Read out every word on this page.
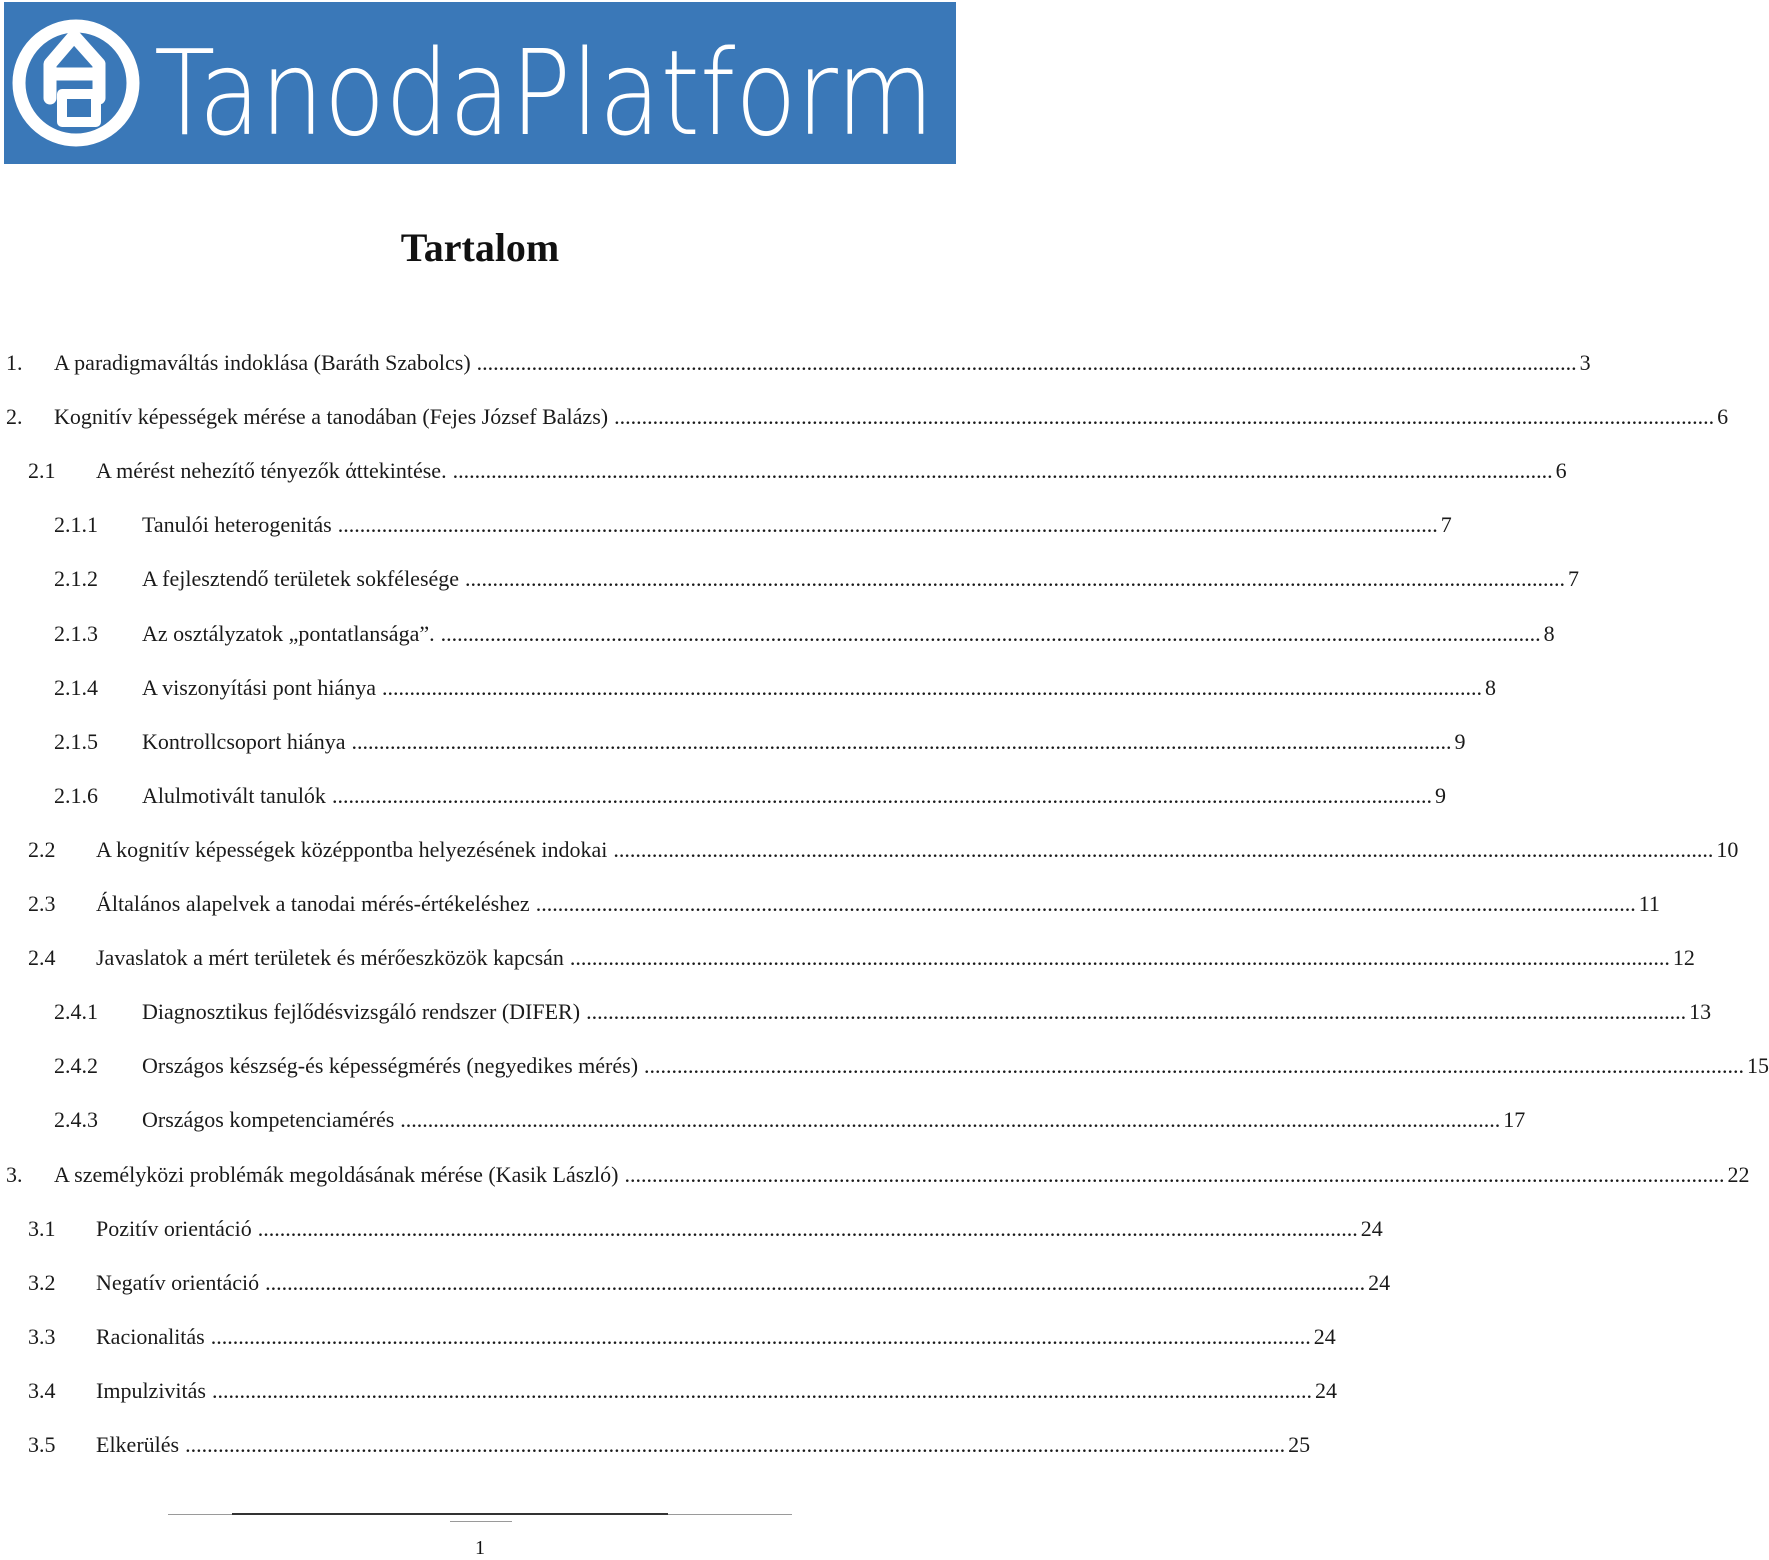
TanodaPlatform
Tartalom
1.	A paradigmaváltás indoklása (Baráth Szabolcs) ........................................................................................................................................................................................................ 3
2.	Kognitív képességek mérése a tanodában (Fejes József Balázs) ........................................................................................................................................................................................................ 6
2.1	A mérést nehezítő tényezők άttekintése. ........................................................................................................................................................................................................ 6
2.1.1	Tanulói heterogenitás ........................................................................................................................................................................................................ 7
2.1.2	A fejlesztendő területek sokfélesége ........................................................................................................................................................................................................ 7
2.1.3	Az osztályzatok „pontatlansága”. ........................................................................................................................................................................................................ 8
2.1.4	A viszonyítási pont hiánya ........................................................................................................................................................................................................ 8
2.1.5	Kontrollcsoport hiánya ........................................................................................................................................................................................................ 9
2.1.6	Alulmotivált tanulók ........................................................................................................................................................................................................ 9
2.2	A kognitív képességek középpontba helyezésének indokai ........................................................................................................................................................................................................ 10
2.3	Általános alapelvek a tanodai mérés-értékeléshez ........................................................................................................................................................................................................ 11
2.4	Javaslatok a mért területek és mérőeszközök kapcsán ........................................................................................................................................................................................................ 12
2.4.1	Diagnosztikus fejlődésvizsgáló rendszer (DIFER) ........................................................................................................................................................................................................ 13
2.4.2	Országos készség-és képességmérés (negyedikes mérés) ........................................................................................................................................................................................................ 15
2.4.3	Országos kompetenciamérés ........................................................................................................................................................................................................ 17
3.	A személyközi problémák megoldásának mérése (Kasik László) ........................................................................................................................................................................................................ 22
3.1	Pozitív orientáció ........................................................................................................................................................................................................ 24
3.2	Negatív orientáció ........................................................................................................................................................................................................ 24
3.3	Racionalitás ........................................................................................................................................................................................................ 24
3.4	Impulzivitás ........................................................................................................................................................................................................ 24
3.5	Elkerülés ........................................................................................................................................................................................................ 25
1
